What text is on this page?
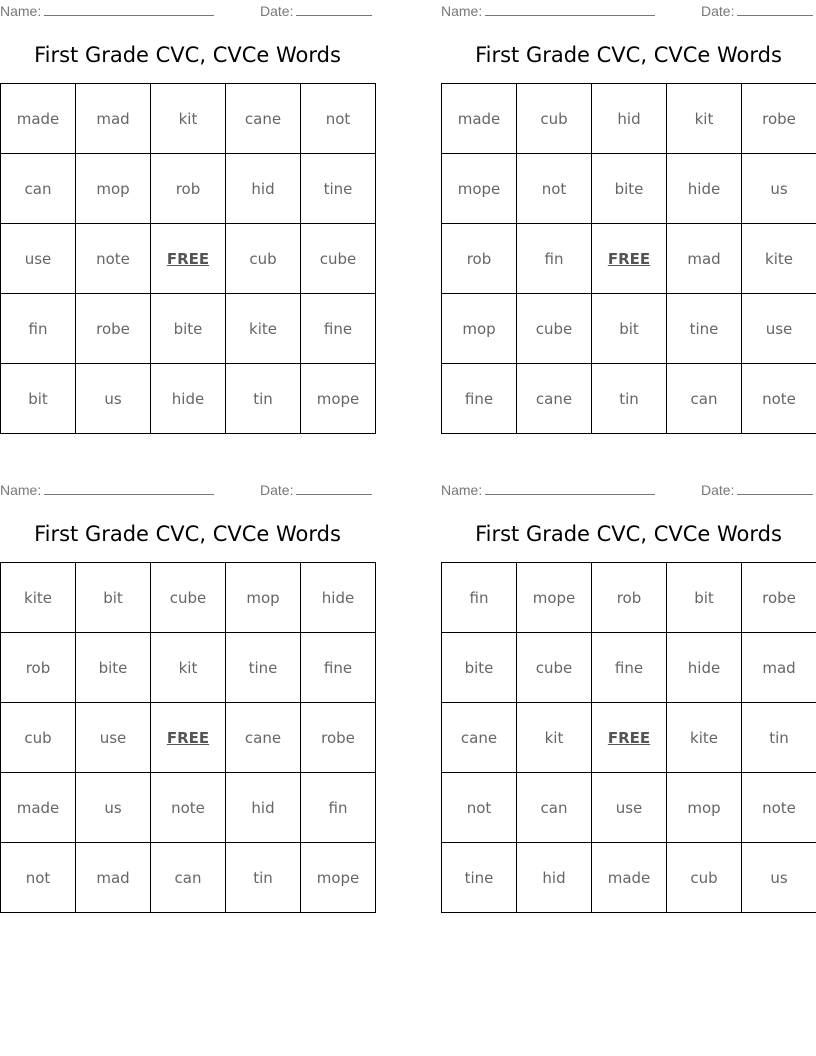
Name:	Date:
First Grade CVC, CVCe Words
made	mad	kit	cane	not
can	mop	rob	hid	tine
use	note	FREE	cub	cube
fin	robe	bite	kite	fine
bit	us	hide	tin	mope
Name:	Date:
First Grade CVC, CVCe Words
made	cub	hid	kit	robe
mope	not	bite	hide	us
rob	fin	FREE	mad	kite
mop	cube	bit	tine	use
fine	cane	tin	can	note
Name:	Date:
First Grade CVC, CVCe Words
kite	bit	cube	mop	hide
rob	bite	kit	tine	fine
cub	use	FREE	cane	robe
made	us	note	hid	fin
not	mad	can	tin	mope
Name:	Date:
First Grade CVC, CVCe Words
fin	mope	rob	bit	robe
bite	cube	fine	hide	mad
cane	kit	FREE	kite	tin
not	can	use	mop	note
tine	hid	made	cub	us
